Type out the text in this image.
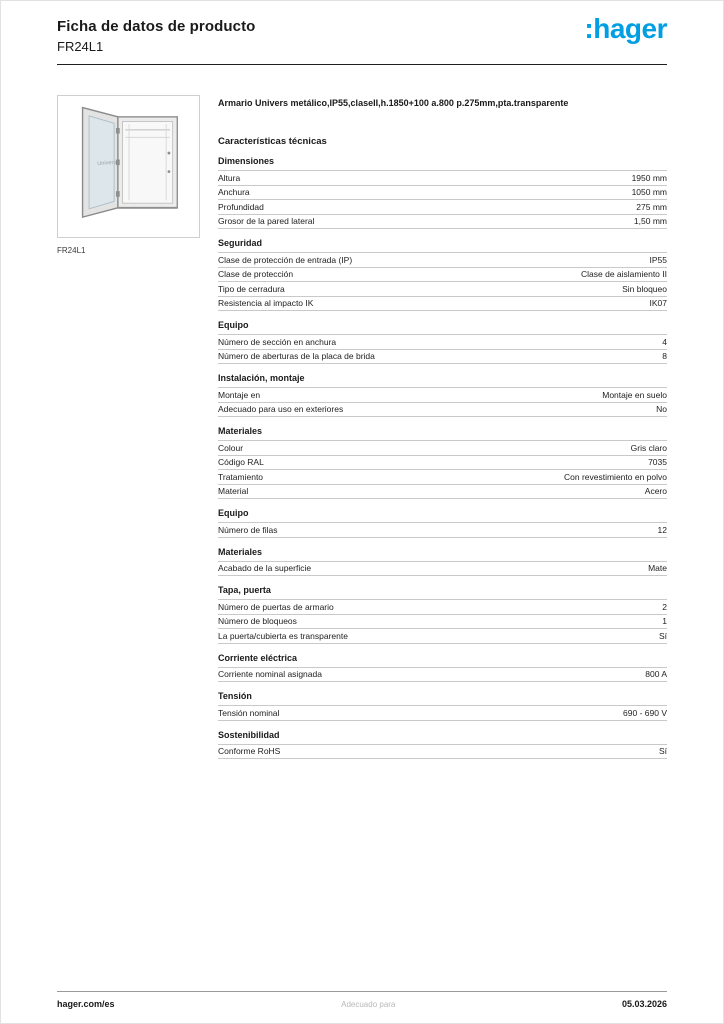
Ficha de datos de producto
FR24L1
:hager
Univers
FR24L1
Armario Univers metálico,IP55,claseII,h.1850+100 a.800 p.275mm,pta.transparente
Características técnicas
Dimensiones
Altura	1950 mm
Anchura	1050 mm
Profundidad	275 mm
Grosor de la pared lateral	1,50 mm
Seguridad
Clase de protección de entrada (IP)	IP55
Clase de protección	Clase de aislamiento II
Tipo de cerradura	Sin bloqueo
Resistencia al impacto IK	IK07
Equipo
Número de sección en anchura	4
Número de aberturas de la placa de brida	8
Instalación, montaje
Montaje en	Montaje en suelo
Adecuado para uso en exteriores	No
Materiales
Colour	Gris claro
Código RAL	7035
Tratamiento	Con revestimiento en polvo
Material	Acero
Equipo
Número de filas	12
Materiales
Acabado de la superficie	Mate
Tapa, puerta
Número de puertas de armario	2
Número de bloqueos	1
La puerta/cubierta es transparente	Sí
Corriente eléctrica
Corriente nominal asignada	800 A
Tensión
Tensión nominal	690 - 690 V
Sostenibilidad
Conforme RoHS	Sí
hager.com/es	Adecuado para	05.03.2026
